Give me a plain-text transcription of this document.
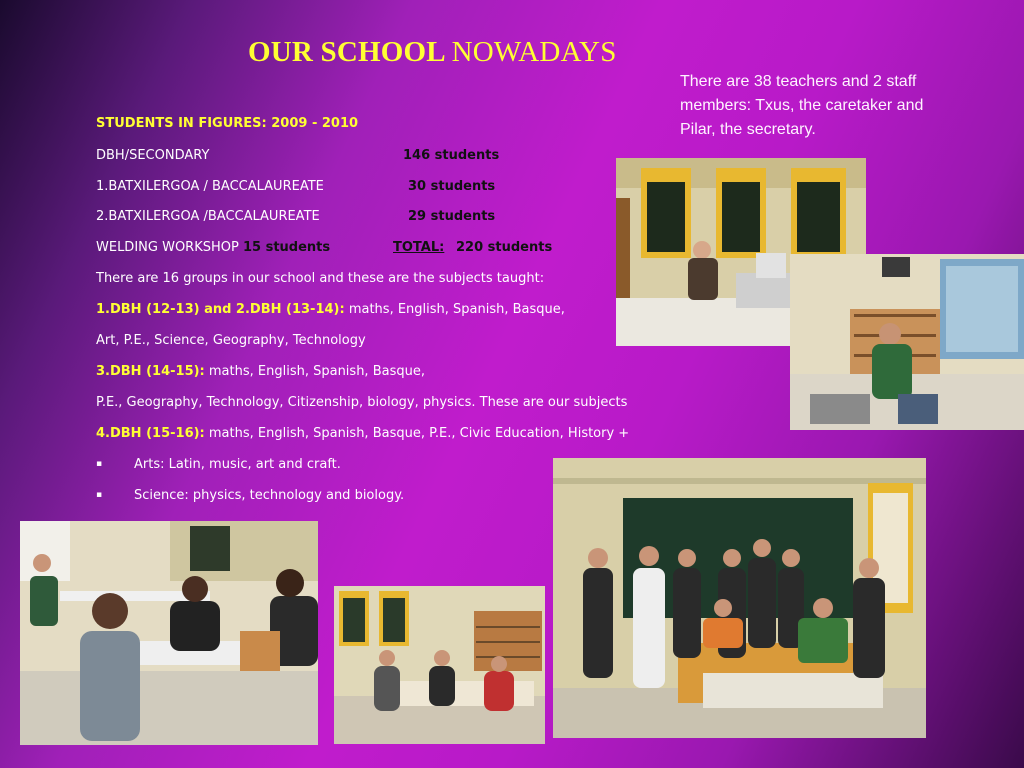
OUR SCHOOL NOWADAYS
There are 38 teachers and 2 staff members: Txus, the caretaker and Pilar, the secretary.
STUDENTS IN FIGURES: 2009 - 2010
DBH/SECONDARY	146 students
1.BATXILERGOA / BACCALAUREATE	30 students
2.BATXILERGOA /BACCALAUREATE	29 students
WELDING WORKSHOP 15 students	TOTAL: 220 students
There are 16 groups in our school and these are the subjects taught:
1.DBH (12-13) and 2.DBH (13-14): maths, English, Spanish, Basque,
Art, P.E., Science, Geography, Technology
3.DBH (14-15): maths, English, Spanish, Basque,
P.E., Geography, Technology, Citizenship, biology, physics. These are our subjects
4.DBH (15-16): maths, English, Spanish, Basque, P.E., Civic Education, History +
▪ Arts: Latin, music, art and craft.
▪ Science: physics, technology and biology.
